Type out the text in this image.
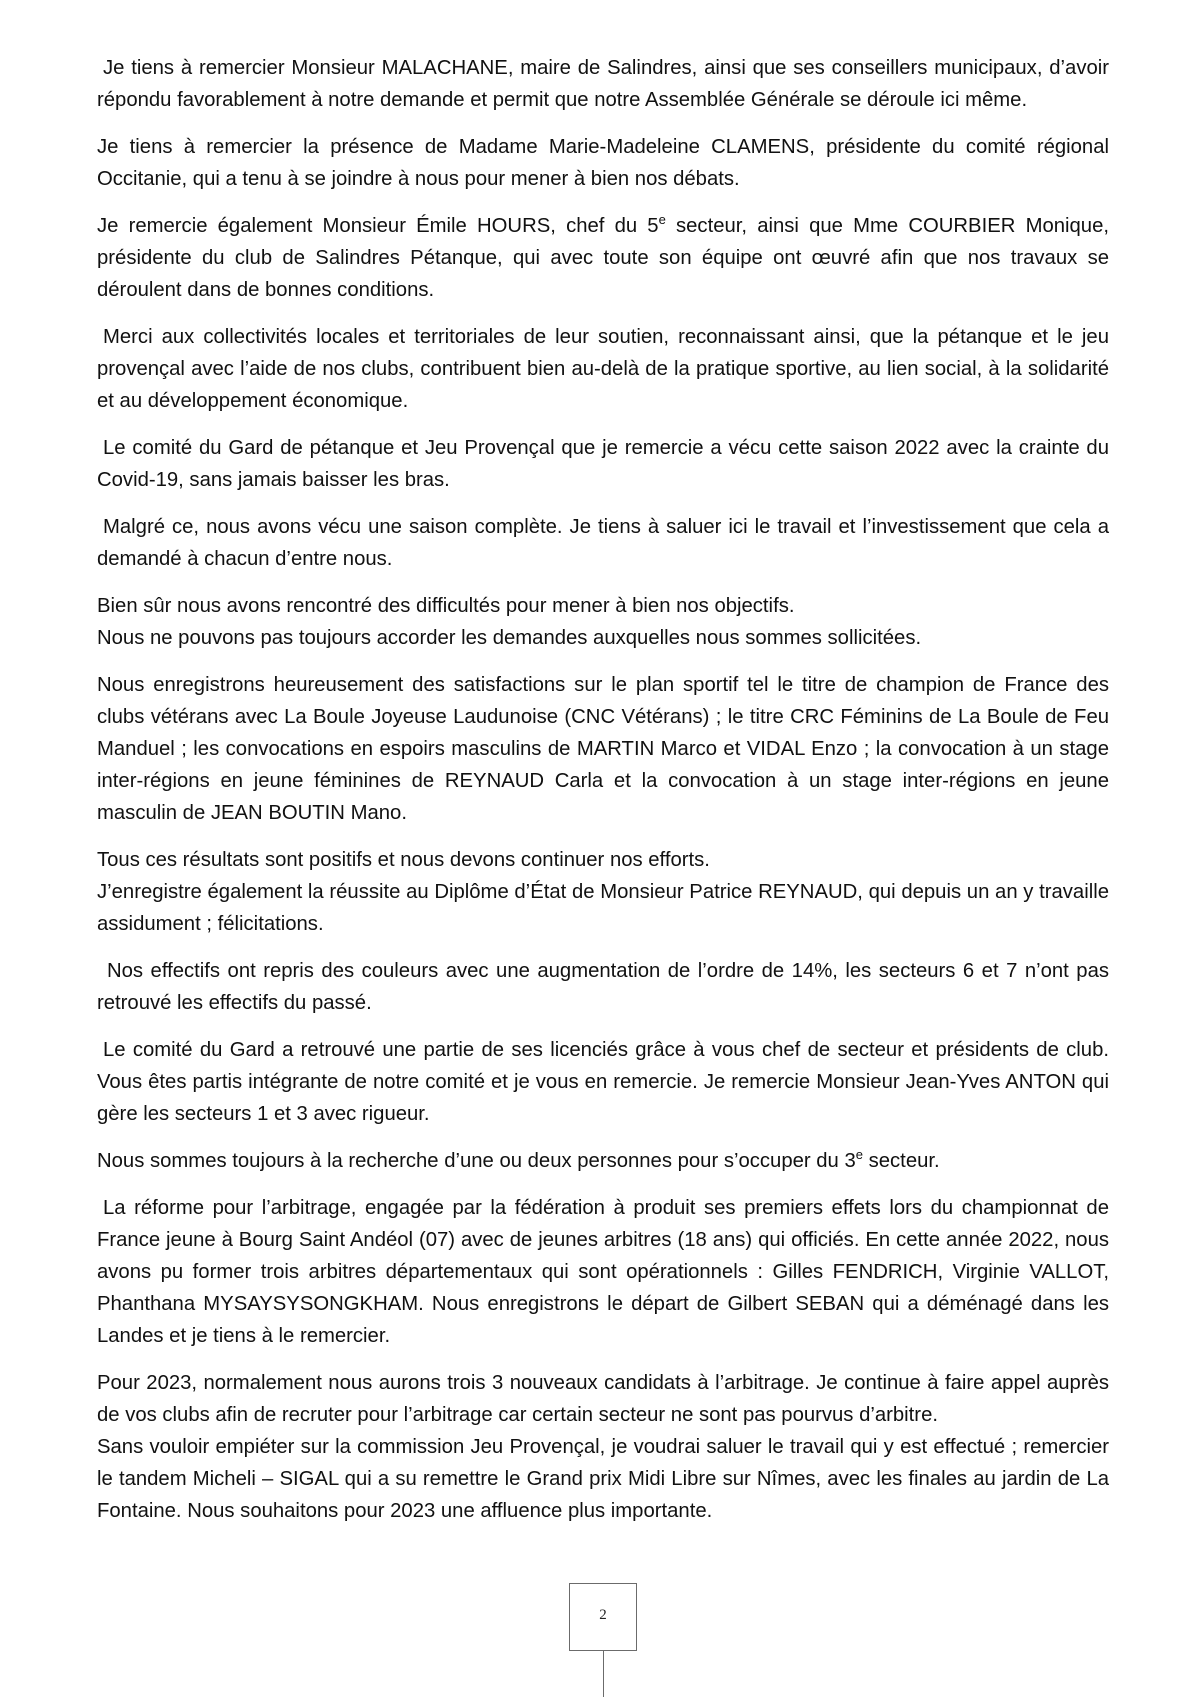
Je tiens à remercier Monsieur MALACHANE, maire de Salindres, ainsi que ses conseillers municipaux, d’avoir répondu favorablement à notre demande et permit que notre Assemblée Générale se déroule ici même.

Je tiens à remercier la présence de Madame Marie-Madeleine CLAMENS, présidente du comité régional Occitanie, qui a tenu à se joindre à nous pour mener à bien nos débats.

Je remercie également Monsieur Émile HOURS, chef du 5e secteur, ainsi que Mme COURBIER Monique, présidente du club de Salindres Pétanque, qui avec toute son équipe ont œuvré afin que nos travaux se déroulent dans de bonnes conditions.

Merci aux collectivités locales et territoriales de leur soutien, reconnaissant ainsi, que la pétanque et le jeu provençal avec l’aide de nos clubs, contribuent bien au-delà de la pratique sportive, au lien social, à la solidarité et au développement économique.

Le comité du Gard de pétanque et Jeu Provençal que je remercie a vécu cette saison 2022 avec la crainte du Covid-19, sans jamais baisser les bras.

Malgré ce, nous avons vécu une saison complète. Je tiens à saluer ici le travail et l’investissement que cela a demandé à chacun d’entre nous.

Bien sûr nous avons rencontré des difficultés pour mener à bien nos objectifs.
Nous ne pouvons pas toujours accorder les demandes auxquelles nous sommes sollicitées.

Nous enregistrons heureusement des satisfactions sur le plan sportif tel le titre de champion de France des clubs vétérans avec La Boule Joyeuse Laudunoise (CNC Vétérans) ; le titre CRC Féminins de La Boule de Feu Manduel ; les convocations en espoirs masculins de MARTIN Marco et VIDAL Enzo ; la convocation à un stage inter-régions en jeune féminines de REYNAUD Carla et la convocation à un stage inter-régions en jeune masculin de JEAN BOUTIN Mano.

Tous ces résultats sont positifs et nous devons continuer nos efforts.
J’enregistre également la réussite au Diplôme d’État de Monsieur Patrice REYNAUD, qui depuis un an y travaille assidument ; félicitations.

Nos effectifs ont repris des couleurs avec une augmentation de l’ordre de 14%, les secteurs 6 et 7 n’ont pas retrouvé les effectifs du passé.

Le comité du Gard a retrouvé une partie de ses licenciés grâce à vous chef de secteur et présidents de club. Vous êtes partis intégrante de notre comité et je vous en remercie. Je remercie Monsieur Jean-Yves ANTON qui gère les secteurs 1 et 3 avec rigueur.

Nous sommes toujours à la recherche d’une ou deux personnes pour s’occuper du 3e secteur.

La réforme pour l’arbitrage, engagée par la fédération à produit ses premiers effets lors du championnat de France jeune à Bourg Saint Andéol (07) avec de jeunes arbitres (18 ans) qui officiés. En cette année 2022, nous avons pu former trois arbitres départementaux qui sont opérationnels : Gilles FENDRICH, Virginie VALLOT, Phanthana MYSAYSYSONGKHAM. Nous enregistrons le départ de Gilbert SEBAN qui a déménagé dans les Landes et je tiens à le remercier.

Pour 2023, normalement nous aurons trois 3 nouveaux candidats à l’arbitrage. Je continue à faire appel auprès de vos clubs afin de recruter pour l’arbitrage car certain secteur ne sont pas pourvus d’arbitre.
Sans vouloir empiéter sur la commission Jeu Provençal, je voudrai saluer le travail qui y est effectué ; remercier le tandem Micheli – SIGAL qui a su remettre le Grand prix Midi Libre sur Nîmes, avec les finales au jardin de La Fontaine. Nous souhaitons pour 2023 une affluence plus importante.

2
